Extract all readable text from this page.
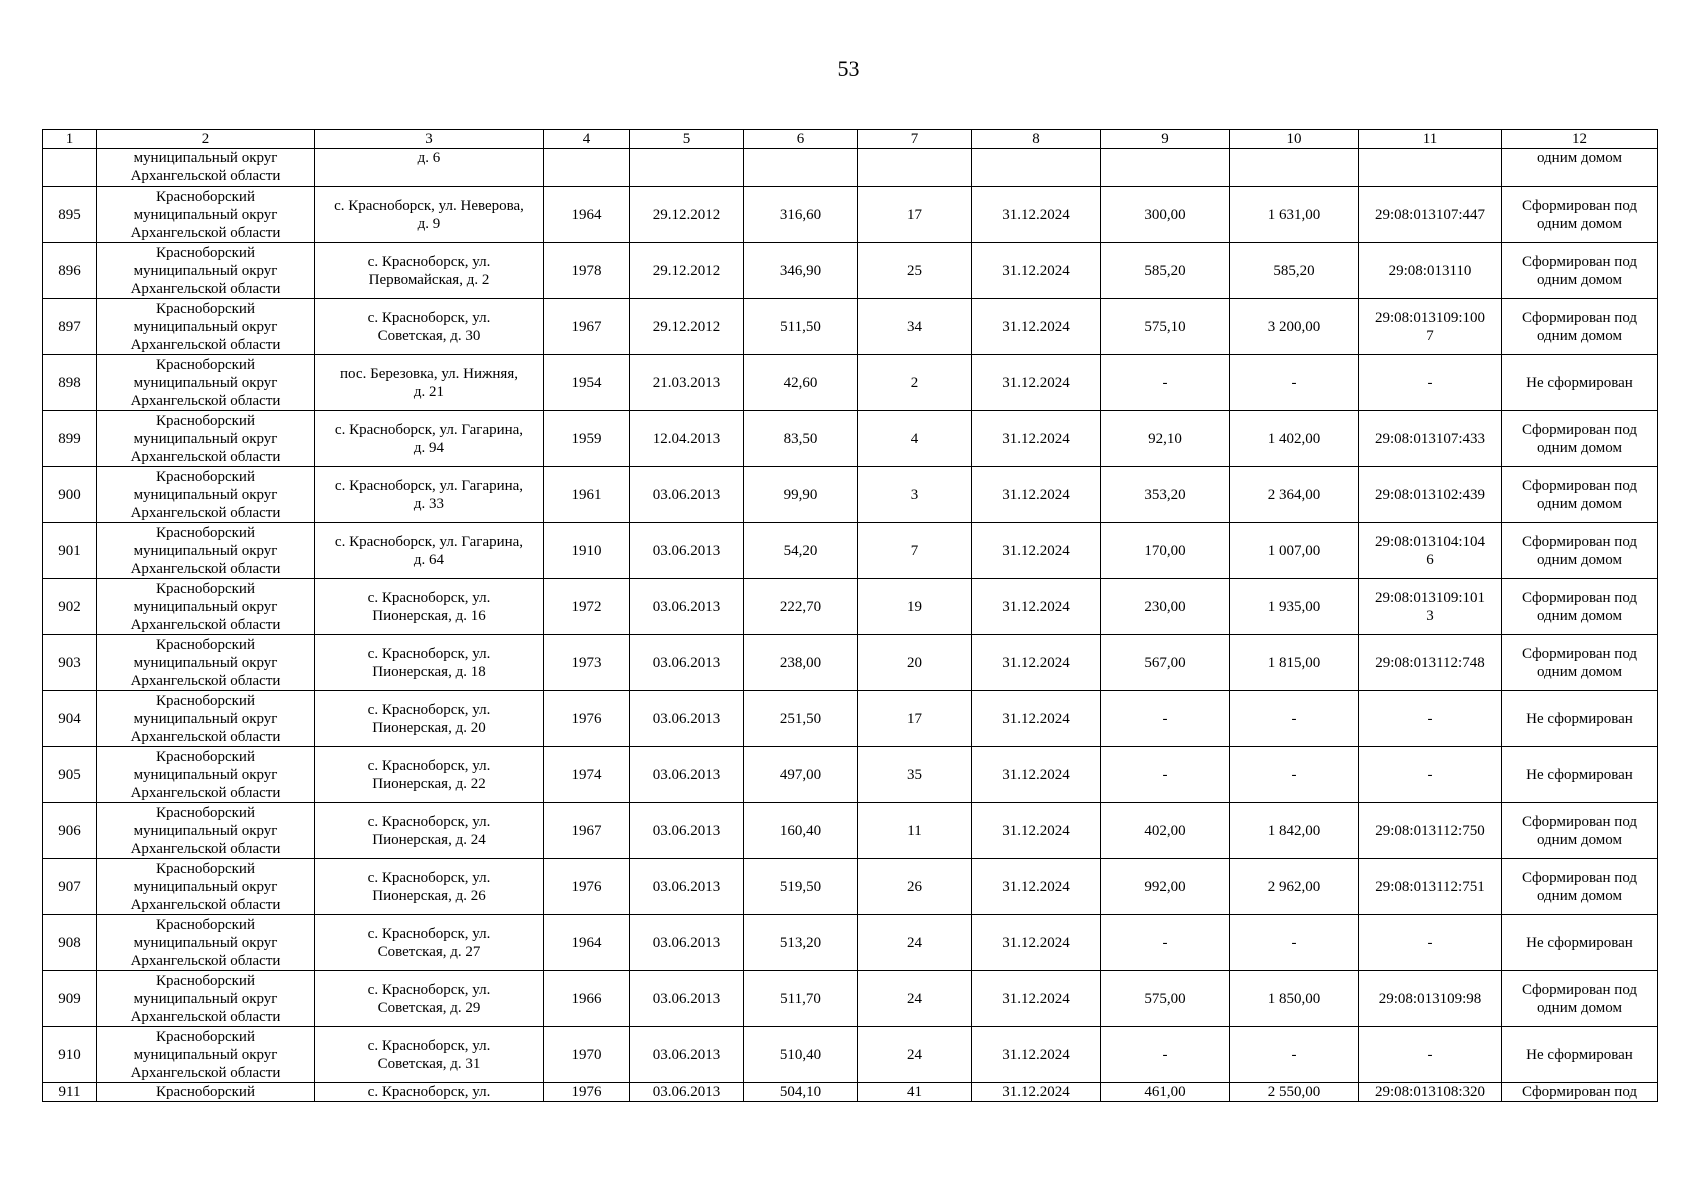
53
1	2	3	4	5	6	7	8	9	10	11	12
	муниципальный округ
Архангельской области	д. 6									одним домом
895	Красноборский
муниципальный округ
Архангельской области	с. Красноборск, ул. Неверова,
д. 9	1964	29.12.2012	316,60	17	31.12.2024	300,00	1 631,00	29:08:013107:447	Сформирован под
одним домом
896	Красноборский
муниципальный округ
Архангельской области	с. Красноборск, ул.
Первомайская, д. 2	1978	29.12.2012	346,90	25	31.12.2024	585,20	585,20	29:08:013110	Сформирован под
одним домом
897	Красноборский
муниципальный округ
Архангельской области	с. Красноборск, ул.
Советская, д. 30	1967	29.12.2012	511,50	34	31.12.2024	575,10	3 200,00	29:08:013109:100
7	Сформирован под
одним домом
898	Красноборский
муниципальный округ
Архангельской области	пос. Березовка, ул. Нижняя,
д. 21	1954	21.03.2013	42,60	2	31.12.2024	-	-	-	Не сформирован
899	Красноборский
муниципальный округ
Архангельской области	с. Красноборск, ул. Гагарина,
д. 94	1959	12.04.2013	83,50	4	31.12.2024	92,10	1 402,00	29:08:013107:433	Сформирован под
одним домом
900	Красноборский
муниципальный округ
Архангельской области	с. Красноборск, ул. Гагарина,
д. 33	1961	03.06.2013	99,90	3	31.12.2024	353,20	2 364,00	29:08:013102:439	Сформирован под
одним домом
901	Красноборский
муниципальный округ
Архангельской области	с. Красноборск, ул. Гагарина,
д. 64	1910	03.06.2013	54,20	7	31.12.2024	170,00	1 007,00	29:08:013104:104
6	Сформирован под
одним домом
902	Красноборский
муниципальный округ
Архангельской области	с. Красноборск, ул.
Пионерская, д. 16	1972	03.06.2013	222,70	19	31.12.2024	230,00	1 935,00	29:08:013109:101
3	Сформирован под
одним домом
903	Красноборский
муниципальный округ
Архангельской области	с. Красноборск, ул.
Пионерская, д. 18	1973	03.06.2013	238,00	20	31.12.2024	567,00	1 815,00	29:08:013112:748	Сформирован под
одним домом
904	Красноборский
муниципальный округ
Архангельской области	с. Красноборск, ул.
Пионерская, д. 20	1976	03.06.2013	251,50	17	31.12.2024	-	-	-	Не сформирован
905	Красноборский
муниципальный округ
Архангельской области	с. Красноборск, ул.
Пионерская, д. 22	1974	03.06.2013	497,00	35	31.12.2024	-	-	-	Не сформирован
906	Красноборский
муниципальный округ
Архангельской области	с. Красноборск, ул.
Пионерская, д. 24	1967	03.06.2013	160,40	11	31.12.2024	402,00	1 842,00	29:08:013112:750	Сформирован под
одним домом
907	Красноборский
муниципальный округ
Архангельской области	с. Красноборск, ул.
Пионерская, д. 26	1976	03.06.2013	519,50	26	31.12.2024	992,00	2 962,00	29:08:013112:751	Сформирован под
одним домом
908	Красноборский
муниципальный округ
Архангельской области	с. Красноборск, ул.
Советская, д. 27	1964	03.06.2013	513,20	24	31.12.2024	-	-	-	Не сформирован
909	Красноборский
муниципальный округ
Архангельской области	с. Красноборск, ул.
Советская, д. 29	1966	03.06.2013	511,70	24	31.12.2024	575,00	1 850,00	29:08:013109:98	Сформирован под
одним домом
910	Красноборский
муниципальный округ
Архангельской области	с. Красноборск, ул.
Советская, д. 31	1970	03.06.2013	510,40	24	31.12.2024	-	-	-	Не сформирован
911	Красноборский	с. Красноборск, ул.	1976	03.06.2013	504,10	41	31.12.2024	461,00	2 550,00	29:08:013108:320	Сформирован под
